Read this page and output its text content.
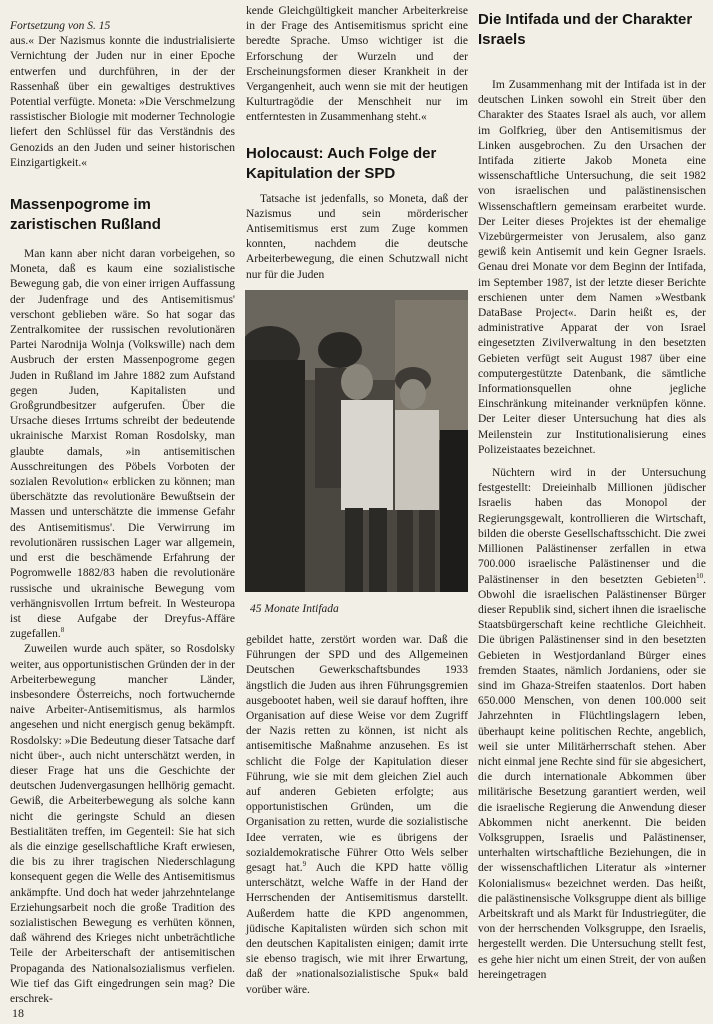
Fortsetzung von S. 15

aus.« Der Nazismus konnte die industrialisierte Vernichtung der Juden nur in einer Epoche entwerfen und durchführen, in der der Rassenhaß über ein gewaltiges destruktives Potential verfügte. Moneta: »Die Verschmelzung rassistischer Biologie mit moderner Technologie liefert den Schlüssel für das Verständnis des Genozids an den Juden und seiner historischen Einzigartigkeit.«

Massenpogrome im zaristischen Rußland

Man kann aber nicht daran vorbeigehen, so Moneta, daß es kaum eine sozialistische Bewegung gab, die von einer irrigen Auffassung der Judenfrage und des Antisemitismus' verschont geblieben wäre. So hat sogar das Zentralkomitee der russischen revolutionären Partei Narodnija Wolnja (Volkswille) nach dem Ausbruch der ersten Massenpogrome gegen Juden in Rußland im Jahre 1882 zum Aufstand gegen Juden, Kapitalisten und Großgrundbesitzer aufgerufen. Über die Ursache dieses Irrtums schreibt der bedeutende ukrainische Marxist Roman Rosdolsky, man glaubte damals, »in antisemitischen Ausschreitungen des Pöbels Vorboten der sozialen Revolution« erblicken zu können; man überschätzte das revolutionäre Bewußtsein der Massen und unterschätzte die immense Gefahr des Antisemitismus'. Die Verwirrung im revolutionären russischen Lager war allgemein, und erst die beschämende Erfahrung der Pogromwelle 1882/83 haben die revolutionäre russische und ukrainische Bewegung vom verhängnisvollen Irrtum befreit. In Westeuropa ist diese Aufgabe der Dreyfus-Affäre zugefallen.$^8$

Zuweilen wurde auch später, so Rosdolsky weiter, aus opportunistischen Gründen der in der Arbeiterbewegung mancher Länder, insbesondere Österreichs, noch fortwuchernde naive Arbeiter-Antisemitismus, als harmlos angesehen und nicht energisch genug bekämpft. Rosdolsky: »Die Bedeutung dieser Tatsache darf nicht über-, auch nicht unterschätzt werden, in dieser Frage hat uns die Geschichte der deutschen Judenvergasungen hellhörig gemacht. Gewiß, die Arbeiterbewegung als solche kann nicht die geringste Schuld an diesen Bestialitäten treffen, im Gegenteil: Sie hat sich als die einzige gesellschaftliche Kraft erwiesen, die bis zu ihrer tragischen Niederschlagung konsequent gegen die Welle des Antisemitismus ankämpfte. Und doch hat weder jahrzehntelange Erziehungsarbeit noch die große Tradition des sozialistischen Bewegung es verhüten können, daß während des Krieges nicht unbeträchtliche Teile der Arbeiterschaft der antisemitischen Propaganda des Nationalsozialismus verfielen. Wie tief das Gift eingedrungen sein mag? Die erschrek-

kende Gleichgültigkeit mancher Arbeiterkreise in der Frage des Antisemitismus spricht eine beredte Sprache. Umso wichtiger ist die Erforschung der Wurzeln und der Erscheinungsformen dieser Krankheit in der Vergangenheit, auch wenn sie mit der heutigen Kulturtragödie der Menschheit nur im entferntesten in Zusammenhang steht.«

Holocaust: Auch Folge der Kapitulation der SPD

Tatsache ist jedenfalls, so Moneta, daß der Nazismus und sein mörderischer Antisemitismus erst zum Zuge kommen konnten, nachdem die deutsche Arbeiterbewegung, die einen Schutzwall nicht nur für die Juden

45 Monate Intifada

gebildet hatte, zerstört worden war. Daß die Führungen der SPD und des Allgemeinen Deutschen Gewerkschaftsbundes 1933 ängstlich die Juden aus ihren Führungsgremien ausgebootet haben, weil sie darauf hofften, ihre Organisation auf diese Weise vor dem Zugriff der Nazis retten zu können, ist nicht als antisemitische Maßnahme anzusehen. Es ist schlicht die Folge der Kapitulation dieser Führung, wie sie mit dem gleichen Ziel auch auf anderen Gebieten erfolgte; aus opportunistischen Gründen, um die Organisation zu retten, wurde die sozialistische Idee verraten, wie es übrigens der sozialdemokratische Führer Otto Wels selber gesagt hat.$^9$ Auch die KPD hatte völlig unterschätzt, welche Waffe in der Hand der Herrschenden der Antisemitismus darstellt. Außerdem hatte die KPD angenommen, jüdische Kapitalisten würden sich schon mit den deutschen Kapitalisten einigen; damit irrte sie ebenso tragisch, wie mit ihrer Erwartung, daß der »nationalsozialistische Spuk« bald vorüber wäre.

Die Intifada und der Charakter Israels

Im Zusammenhang mit der Intifada ist in der deutschen Linken sowohl ein Streit über den Charakter des Staates Israel als auch, vor allem im Golfkrieg, über den Antisemitismus der Linken ausgebrochen. Zu den Ursachen der Intifada zitierte Jakob Moneta eine wissenschaftliche Untersuchung, die seit 1982 von israelischen und palästinensischen Wissenschaftlern gemeinsam erarbeitet wurde. Der Leiter dieses Projektes ist der ehemalige Vizebürgermeister von Jerusalem, also ganz gewiß kein Antisemit und kein Gegner Israels. Genau drei Monate vor dem Beginn der Intifada, im September 1987, ist der letzte dieser Berichte erschienen unter dem Namen »Westbank DataBase Project«. Darin heißt es, der administrative Apparat der von Israel eingesetzten Zivilverwaltung in den besetzten Gebieten verfügt seit August 1987 über eine computergestützte Datenbank, die sämtliche Informationsquellen ohne jegliche Einschränkung miteinander verknüpfen könne. Der Leiter dieser Untersuchung hat dies als Meilenstein zur Institutionalisierung eines Polizeistaates bezeichnet.

Nüchtern wird in der Untersuchung festgestellt: Dreieinhalb Millionen jüdischer Israelis haben das Monopol der Regierungsgewalt, kontrollieren die Wirtschaft, bilden die oberste Gesellschaftsschicht. Die zwei Millionen Palästinenser zerfallen in etwa 700.000 israelische Palästinenser und die Palästinenser in den besetzten Gebieten$^{10}$. Obwohl die israelischen Palästinenser Bürger dieser Republik sind, sichert ihnen die israelische Staatsbürgerschaft keine rechtliche Gleichheit. Die übrigen Palästinenser sind in den besetzten Gebieten in Westjordanland Bürger eines fremden Staates, nämlich Jordaniens, oder sie sind im Ghaza-Streifen staatenlos. Dort haben 650.000 Menschen, von denen 100.000 seit Jahrzehnten in Flüchtlingslagern leben, überhaupt keine politischen Rechte, angeblich, weil sie unter Militärherrschaft stehen. Aber nicht einmal jene Rechte sind für sie abgesichert, die durch internationale Abkommen über militärische Besetzung garantiert werden, weil die israelische Regierung die Anwendung dieser Abkommen nicht anerkennt. Die beiden Volksgruppen, Israelis und Palästinenser, unterhalten wirtschaftliche Beziehungen, die in der wissenschaftlichen Literatur als »interner Kolonialismus« bezeichnet werden. Das heißt, die palästinensische Volksgruppe dient als billige Arbeitskraft und als Markt für Industriegüter, die von der herrschenden Volksgruppe, den Israelis, hergestellt werden. Die Untersuchung stellt fest, es gehe hier nicht um einen Streit, der von außen hereingetragen

18
